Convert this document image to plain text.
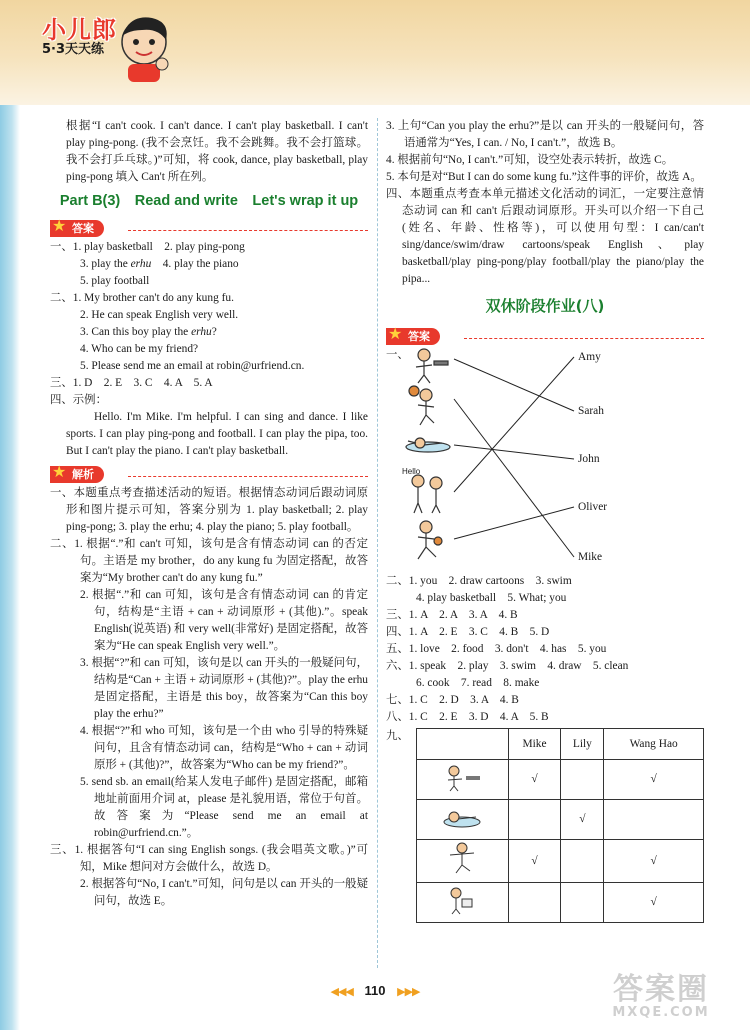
小儿郎
5·3天天练

根据“I can't cook. I can't dance. I can't play basketball. I can't play ping-pong. (我不会烹饪。我不会跳舞。我不会打篮球。我不会打乒乓球。)”可知，将 cook, dance, play basketball, play ping-pong 填入 Can't 所在列。

Part B(3)　Read and write　Let's wrap it up
★ 答案

一、1. play basketball　2. play ping-pong

3. play the erhu　4. play the piano

5. play football

二、1. My brother can't do any kung fu.

2. He can speak English very well.

3. Can this boy play the erhu?

4. Who can be my friend?

5. Please send me an email at robin@urfriend.cn.

三、1. D　2. E　3. C　4. A　5. A

四、示例：

Hello. I'm Mike. I'm helpful. I can sing and dance. I like sports. I can play ping-pong and football. I can play the pipa, too. But I can't play the piano. I can't play basketball.

★ 解析

一、本题重点考查描述活动的短语。根据情态动词后跟动词原形和图片提示可知，答案分别为 1. play basketball; 2. play ping-pong; 3. play the erhu; 4. play the piano; 5. play football。

二、1. 根据“.”和 can't 可知，该句是含有情态动词 can 的否定句。主语是 my brother，do any kung fu 为固定搭配，故答案为“My brother can't do any kung fu.”

2. 根据“.”和 can 可知，该句是含有情态动词 can 的肯定句，结构是“主语 + can + 动词原形 + (其他).”。speak English(说英语) 和 very well(非常好) 是固定搭配，故答案为“He can speak English very well.”。

3. 根据“?”和 can 可知，该句是以 can 开头的一般疑问句，结构是“Can + 主语 + 动词原形 + (其他)?”。play the erhu 是固定搭配，主语是 this boy，故答案为“Can this boy play the erhu?”

4. 根据“?”和 who 可知，该句是一个由 who 引导的特殊疑问句，且含有情态动词 can，结构是“Who + can + 动词原形 + (其他)?”，故答案为“Who can be my friend?”。

5. send sb. an email(给某人发电子邮件) 是固定搭配，邮箱地址前面用介词 at，please 是礼貌用语，常位于句首。故答案为“Please send me an email at robin@urfriend.cn.”。

三、1. 根据答句“I can sing English songs. (我会唱英文歌。)”可知，Mike 想问对方会做什么，故选 D。

2. 根据答句“No, I can't.”可知，问句是以 can 开头的一般疑问句，故选 E。

3. 上句“Can you play the erhu?”是以 can 开头的一般疑问句，答语通常为“Yes, I can. / No, I can't.”，故选 B。

4. 根据前句“No, I can't.”可知，设空处表示转折，故选 C。

5. 本句是对“But I can do some kung fu.”这件事的评价，故选 A。

四、本题重点考查本单元描述文化活动的词汇，一定要注意情态动词 can 和 can't 后跟动词原形。开头可以介绍一下自己(姓名、年龄、性格等)，可以使用句型：I can/can't sing/dance/swim/draw cartoons/speak English、play basketball/play ping-pong/play football/play the piano/play the pipa...

双休阶段作业(八)
★ 答案
一、
Hello
Amy
Sarah
John
Oliver
Mike

二、1. you　2. draw cartoons　3. swim

4. play basketball　5. What; you

三、1. A　2. A　3. A　4. B

四、1. A　2. E　3. C　4. B　5. D

五、1. love　2. food　3. don't　4. has　5. you

六、1. speak　2. play　3. swim　4. draw　5. clean

6. cook　7. read　8. make

七、1. C　2. D　3. A　4. B

八、1. C　2. E　3. D　4. A　5. B

九、
	Mike	Lily	Wang Hao
	√		√
		√	
	√		√
			√
◀◀◀ 110 ▶▶▶	答案圈
MXQE.COM
